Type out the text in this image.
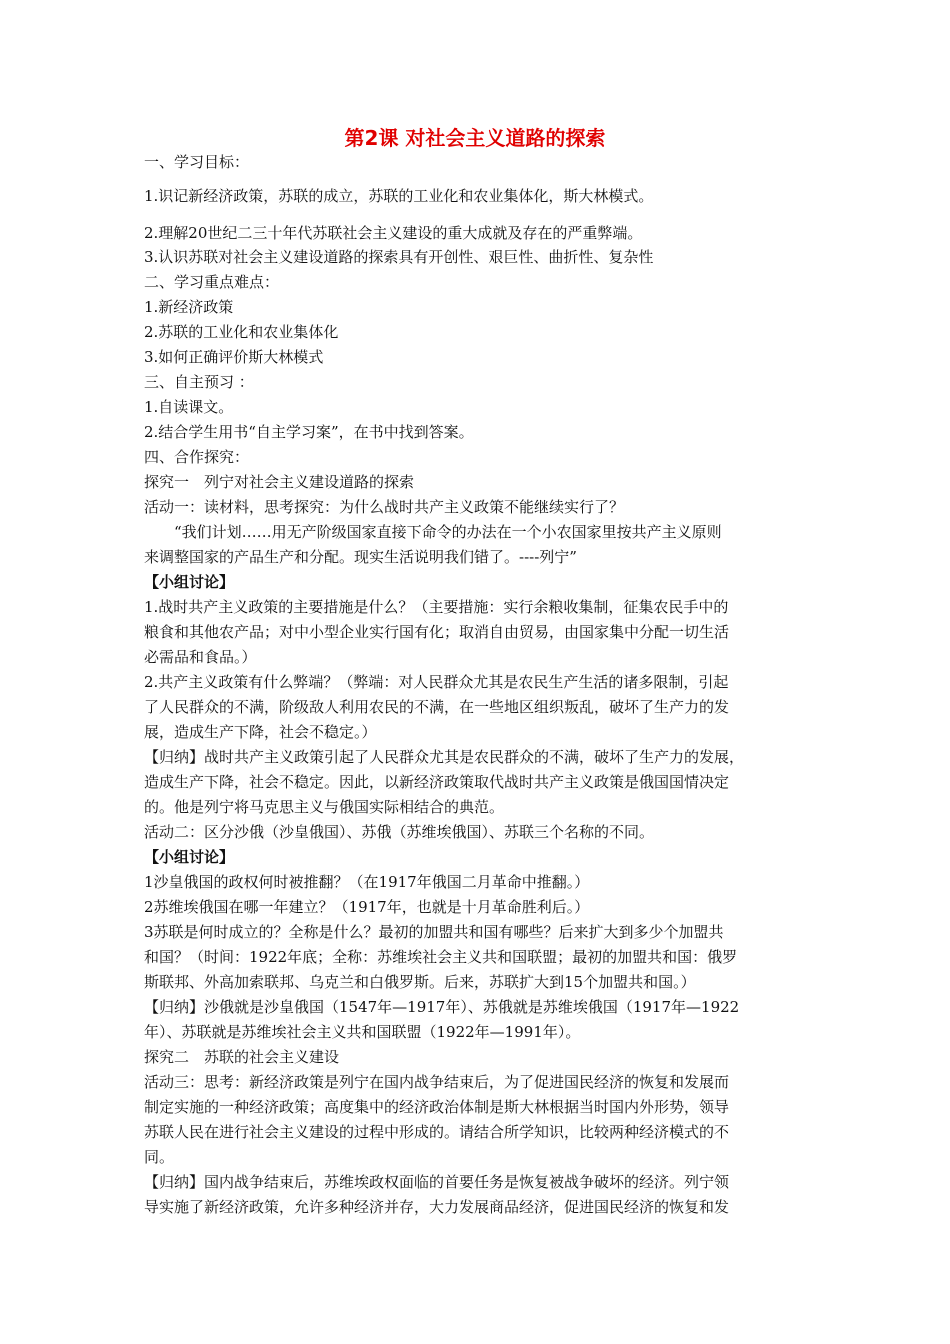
第2课 对社会主义道路的探索
一、学习目标：
1.识记新经济政策，苏联的成立，苏联的工业化和农业集体化，斯大林模式。
2.理解20世纪二三十年代苏联社会主义建设的重大成就及存在的严重弊端。
3.认识苏联对社会主义建设道路的探索具有开创性、艰巨性、曲折性、复杂性
二、学习重点难点：
1.新经济政策
2.苏联的工业化和农业集体化
3.如何正确评价斯大林模式
三、自主预习 ：
1.自读课文。
2.结合学生用书“自主学习案”，在书中找到答案。
四、合作探究：
探究一　列宁对社会主义建设道路的探索
活动一：读材料，思考探究：为什么战时共产主义政策不能继续实行了？
“我们计划……用无产阶级国家直接下命令的办法在一个小农国家里按共产主义原则
来调整国家的产品生产和分配。现实生活说明我们错了。----列宁”
【小组讨论】
1.战时共产主义政策的主要措施是什么？（主要措施：实行余粮收集制，征集农民手中的
粮食和其他农产品；对中小型企业实行国有化；取消自由贸易，由国家集中分配一切生活
必需品和食品。）
2.共产主义政策有什么弊端？（弊端：对人民群众尤其是农民生产生活的诸多限制，引起
了人民群众的不满，阶级敌人利用农民的不满，在一些地区组织叛乱，破坏了生产力的发
展，造成生产下降，社会不稳定。）
【归纳】战时共产主义政策引起了人民群众尤其是农民群众的不满，破坏了生产力的发展，
造成生产下降，社会不稳定。因此，以新经济政策取代战时共产主义政策是俄国国情决定
的。他是列宁将马克思主义与俄国实际相结合的典范。
活动二：区分沙俄（沙皇俄国）、苏俄（苏维埃俄国）、苏联三个名称的不同。
【小组讨论】
1沙皇俄国的政权何时被推翻？（在1917年俄国二月革命中推翻。）
2苏维埃俄国在哪一年建立？（1917年，也就是十月革命胜利后。）
3苏联是何时成立的？全称是什么？最初的加盟共和国有哪些？后来扩大到多少个加盟共
和国？（时间：1922年底；全称：苏维埃社会主义共和国联盟；最初的加盟共和国：俄罗
斯联邦、外高加索联邦、乌克兰和白俄罗斯。后来，苏联扩大到15个加盟共和国。）
【归纳】沙俄就是沙皇俄国（1547年—1917年）、苏俄就是苏维埃俄国（1917年—1922
年）、苏联就是苏维埃社会主义共和国联盟（1922年—1991年）。
探究二　苏联的社会主义建设
活动三：思考：新经济政策是列宁在国内战争结束后，为了促进国民经济的恢复和发展而
制定实施的一种经济政策；高度集中的经济政治体制是斯大林根据当时国内外形势，领导
苏联人民在进行社会主义建设的过程中形成的。请结合所学知识，比较两种经济模式的不
同。
【归纳】国内战争结束后，苏维埃政权面临的首要任务是恢复被战争破坏的经济。列宁领
导实施了新经济政策，允许多种经济并存，大力发展商品经济，促进国民经济的恢复和发
